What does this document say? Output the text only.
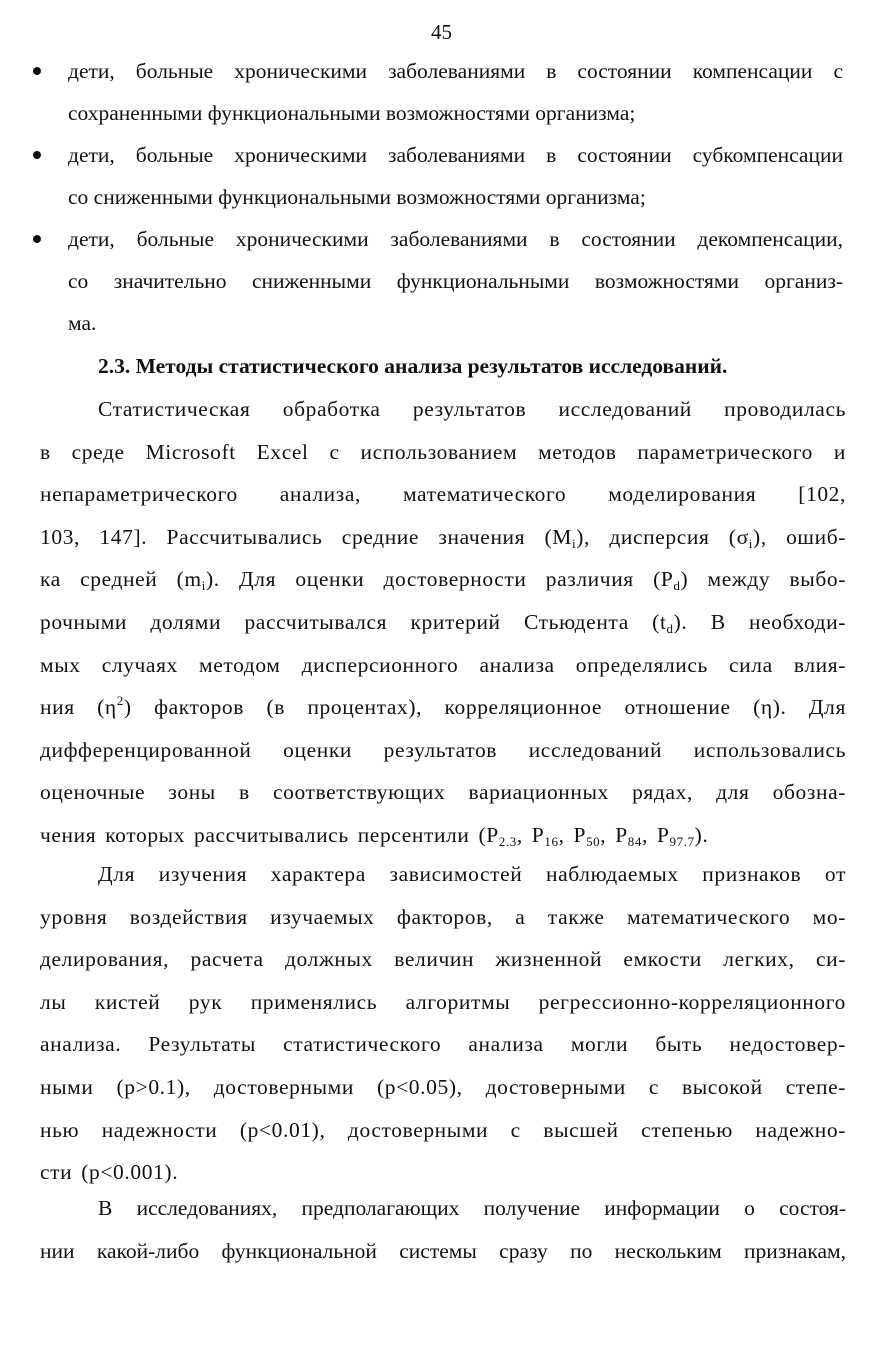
45
дети, больные хроническими заболеваниями в состоянии компенсации с
сохраненными функциональными возможностями организма;
дети, больные хроническими заболеваниями в состоянии субкомпенсации
со сниженными функциональными возможностями организма;
дети, больные хроническими заболеваниями в состоянии декомпенсации,
со значительно сниженными функциональными возможностями организ-
ма.
2.3. Методы статистического анализа результатов исследований.
Статистическая обработка результатов исследований проводилась
в среде Microsoft Excel с использованием методов параметрического и
непараметрического анализа, математического моделирования [102,
103, 147]. Рассчитывались средние значения $(M_i)$, дисперсия $(\sigma_i)$, ошиб-
ка средней $(m_i)$. Для оценки достоверности различия $(P_d)$ между выбо-
рочными долями рассчитывался критерий Стьюдента $(t_d)$. В необходи-
мых случаях методом дисперсионного анализа определялись сила влия-
ния $(\eta^2)$ факторов (в процентах), корреляционное отношение (η). Для
дифференцированной оценки результатов исследований использовались
оценочные зоны в соответствующих вариационных рядах, для обозна-
чения которых рассчитывались персентили ($P_{2.3}$, $P_{16}$, $P_{50}$, $P_{84}$, $P_{97.7}$).
Для изучения характера зависимостей наблюдаемых признаков от
уровня воздействия изучаемых факторов, а также математического мо-
делирования, расчета должных величин жизненной емкости легких, си-
лы кистей рук применялись алгоритмы регрессионно-корреляционного
анализа. Результаты статистического анализа могли быть недостовер-
ными (p>0.1), достоверными (p<0.05), достоверными с высокой степе-
нью надежности (p<0.01), достоверными с высшей степенью надежно-
сти (p<0.001).
В исследованиях, предполагающих получение информации о состоя-
нии какой-либо функциональной системы сразу по нескольким признакам,
